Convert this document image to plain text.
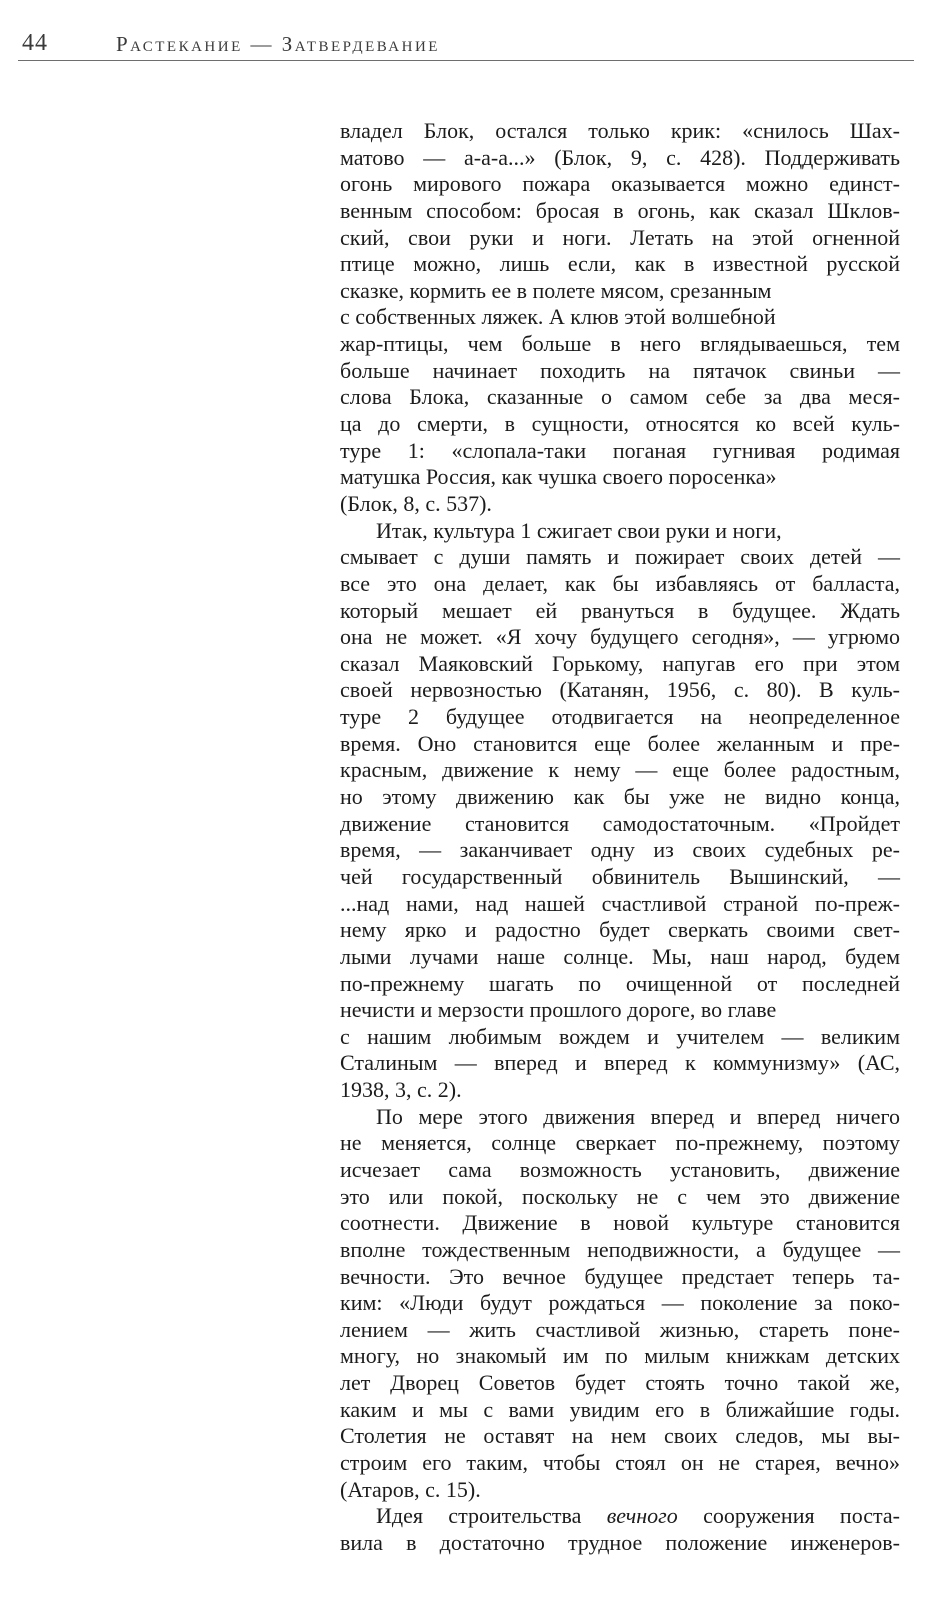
44	Растекание — Затвердевание
владел Блок, остался только крик: «снилось Шах-
матово — а-а-а...» (Блок, 9, с. 428). Поддерживать
огонь мирового пожара оказывается можно единст-
венным способом: бросая в огонь, как сказал Шклов-
ский, свои руки и ноги. Летать на этой огненной
птице можно, лишь если, как в известной русской
сказке, кормить ее в полете мясом, срезанным
с собственных ляжек. А клюв этой волшебной
жар-птицы, чем больше в него вглядываешься, тем
больше начинает походить на пятачок свиньи —
слова Блока, сказанные о самом себе за два меся-
ца до смерти, в сущности, относятся ко всей куль-
туре 1: «слопала-таки поганая гугнивая родимая
матушка Россия, как чушка своего поросенка»
(Блок, 8, с. 537).
Итак, культура 1 сжигает свои руки и ноги,
смывает с души память и пожирает своих детей —
все это она делает, как бы избавляясь от балласта,
который мешает ей рвануться в будущее. Ждать
она не может. «Я хочу будущего сегодня», — угрюмо
сказал Маяковский Горькому, напугав его при этом
своей нервозностью (Катанян, 1956, с. 80). В куль-
туре 2 будущее отодвигается на неопределенное
время. Оно становится еще более желанным и пре-
красным, движение к нему — еще более радостным,
но этому движению как бы уже не видно конца,
движение становится самодостаточным. «Пройдет
время, — заканчивает одну из своих судебных ре-
чей государственный обвинитель Вышинский, —
...над нами, над нашей счастливой страной по-преж-
нему ярко и радостно будет сверкать своими свет-
лыми лучами наше солнце. Мы, наш народ, будем
по-прежнему шагать по очищенной от последней
нечисти и мерзости прошлого дороге, во главе
с нашим любимым вождем и учителем — великим
Сталиным — вперед и вперед к коммунизму» (АС,
1938, 3, с. 2).
По мере этого движения вперед и вперед ничего
не меняется, солнце сверкает по-прежнему, поэтому
исчезает сама возможность установить, движение
это или покой, поскольку не с чем это движение
соотнести. Движение в новой культуре становится
вполне тождественным неподвижности, а будущее —
вечности. Это вечное будущее предстает теперь та-
ким: «Люди будут рождаться — поколение за поко-
лением — жить счастливой жизнью, стареть поне-
многу, но знакомый им по милым книжкам детских
лет Дворец Советов будет стоять точно такой же,
каким и мы с вами увидим его в ближайшие годы.
Столетия не оставят на нем своих следов, мы вы-
строим его таким, чтобы стоял он не старея, вечно»
(Атаров, с. 15).
Идея строительства вечного сооружения поста-
вила в достаточно трудное положение инженеров-
